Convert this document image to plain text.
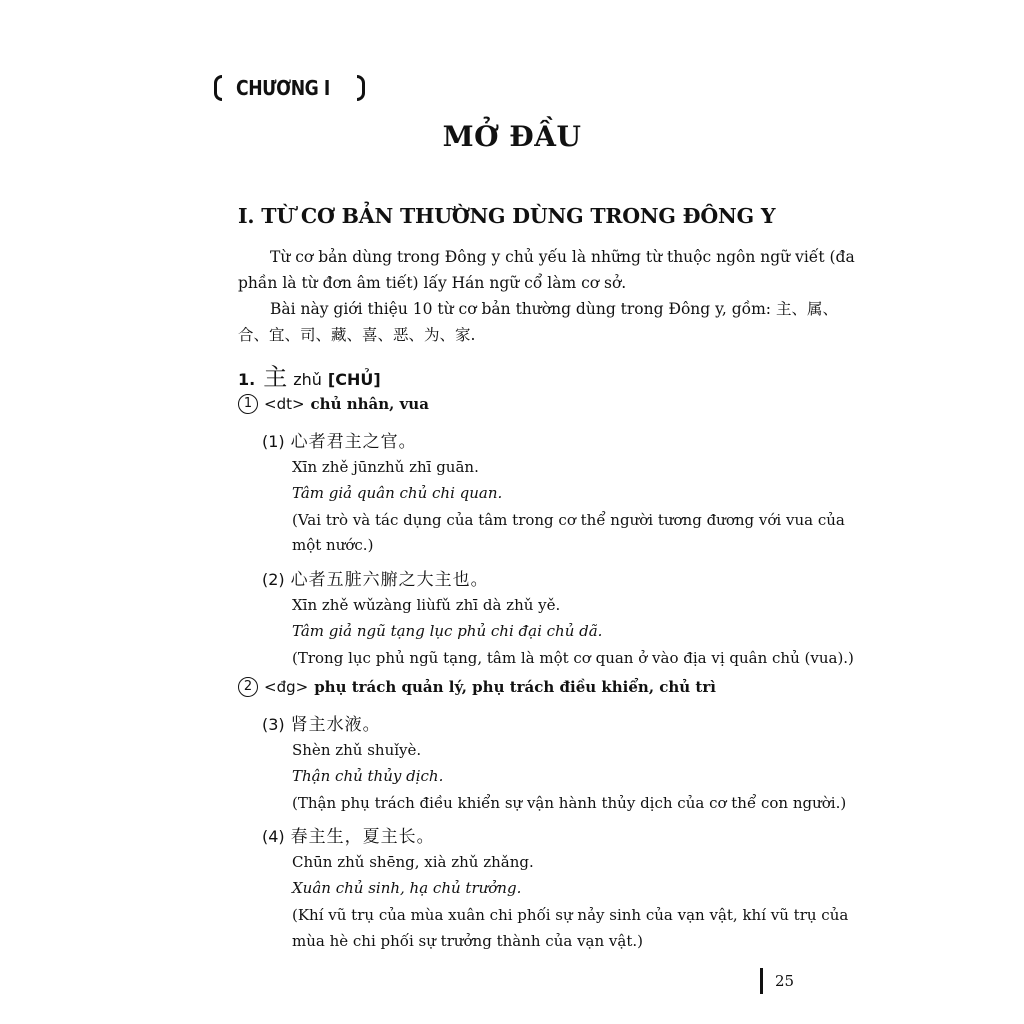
CHƯƠNG I
MỞ ĐẦU
I. TỪ CƠ BẢN THƯỜNG DÙNG TRONG ĐÔNG Y
Từ cơ bản dùng trong Đông y chủ yếu là những từ thuộc ngôn ngữ viết (đa
phần là từ đơn âm tiết) lấy Hán ngữ cổ làm cơ sở.
Bài này giới thiệu 10 từ cơ bản thường dùng trong Đông y, gồm: 主、属、
合、宜、司、藏、喜、恶、为、家.
1. 主 zhǔ [CHỦ]
1 <dt> chủ nhân, vua
(1) 心者君主之官。
Xīn zhě jūnzhǔ zhī guān.
Tâm giả quân chủ chi quan.
(Vai trò và tác dụng của tâm trong cơ thể người tương đương với vua của
một nước.)
(2) 心者五脏六腑之大主也。
Xīn zhě wǔzàng liùfǔ zhī dà zhǔ yě.
Tâm giả ngũ tạng lục phủ chi đại chủ dã.
(Trong lục phủ ngũ tạng, tâm là một cơ quan ở vào địa vị quân chủ (vua).)
2 <đg> phụ trách quản lý, phụ trách điều khiển, chủ trì
(3) 肾主水液。
Shèn zhǔ shuǐyè.
Thận chủ thủy dịch.
(Thận phụ trách điều khiển sự vận hành thủy dịch của cơ thể con người.)
(4) 春主生，夏主长。
Chūn zhǔ shēng, xià zhǔ zhǎng.
Xuân chủ sinh, hạ chủ trưởng.
(Khí vũ trụ của mùa xuân chi phối sự nảy sinh của vạn vật, khí vũ trụ của
mùa hè chi phối sự trưởng thành của vạn vật.)
25
